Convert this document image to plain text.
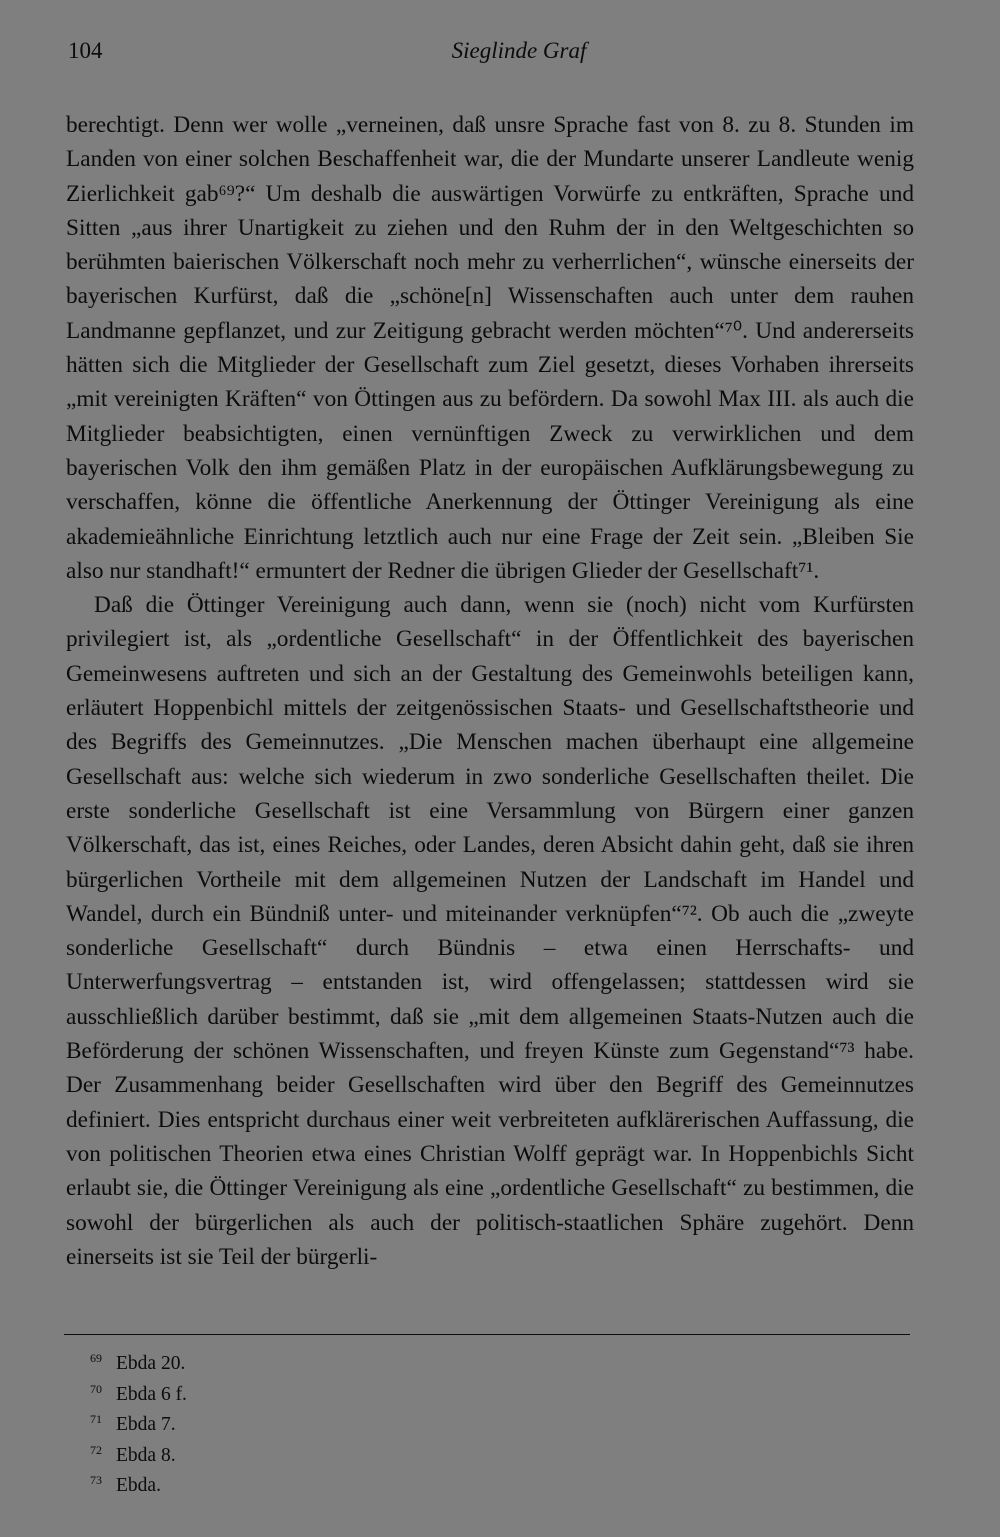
104	Sieglinde Graf

berechtigt. Denn wer wolle „verneinen, daß unsre Sprache fast von 8. zu 8. Stunden im Landen von einer solchen Beschaffenheit war, die der Mundarte unserer Landleute wenig Zierlichkeit gab⁶⁹?“ Um deshalb die auswärtigen Vorwürfe zu entkräften, Sprache und Sitten „aus ihrer Unartigkeit zu ziehen und den Ruhm der in den Weltgeschichten so berühmten baierischen Völkerschaft noch mehr zu verherrlichen“, wünsche einerseits der bayerischen Kurfürst, daß die „schöne[n] Wissenschaften auch unter dem rauhen Landmanne gepflanzet, und zur Zeitigung gebracht werden möchten“⁷⁰. Und andererseits hätten sich die Mitglieder der Gesellschaft zum Ziel gesetzt, dieses Vorhaben ihrerseits „mit vereinigten Kräften“ von Öttingen aus zu befördern. Da sowohl Max III. als auch die Mitglieder beabsichtigten, einen vernünftigen Zweck zu verwirklichen und dem bayerischen Volk den ihm gemäßen Platz in der europäischen Aufklärungsbewegung zu verschaffen, könne die öffentliche Anerkennung der Öttinger Vereinigung als eine akademieähnliche Einrichtung letztlich auch nur eine Frage der Zeit sein. „Bleiben Sie also nur standhaft!“ ermuntert der Redner die übrigen Glieder der Gesellschaft⁷¹.

Daß die Öttinger Vereinigung auch dann, wenn sie (noch) nicht vom Kurfürsten privilegiert ist, als „ordentliche Gesellschaft“ in der Öffentlichkeit des bayerischen Gemeinwesens auftreten und sich an der Gestaltung des Gemeinwohls beteiligen kann, erläutert Hoppenbichl mittels der zeitgenössischen Staats- und Gesellschaftstheorie und des Begriffs des Gemeinnutzes. „Die Menschen machen überhaupt eine allgemeine Gesellschaft aus: welche sich wiederum in zwo sonderliche Gesellschaften theilet. Die erste sonderliche Gesellschaft ist eine Versammlung von Bürgern einer ganzen Völkerschaft, das ist, eines Reiches, oder Landes, deren Absicht dahin geht, daß sie ihren bürgerlichen Vortheile mit dem allgemeinen Nutzen der Landschaft im Handel und Wandel, durch ein Bündniß unter- und miteinander verknüpfen“⁷². Ob auch die „zweyte sonderliche Gesellschaft“ durch Bündnis – etwa einen Herrschafts- und Unterwerfungsvertrag – entstanden ist, wird offengelassen; stattdessen wird sie ausschließlich darüber bestimmt, daß sie „mit dem allgemeinen Staats-Nutzen auch die Beförderung der schönen Wissenschaften, und freyen Künste zum Gegenstand“⁷³ habe. Der Zusammenhang beider Gesellschaften wird über den Begriff des Gemeinnutzes definiert. Dies entspricht durchaus einer weit verbreiteten aufklärerischen Auffassung, die von politischen Theorien etwa eines Christian Wolff geprägt war. In Hoppenbichls Sicht erlaubt sie, die Öttinger Vereinigung als eine „ordentliche Gesellschaft“ zu bestimmen, die sowohl der bürgerlichen als auch der politisch-staatlichen Sphäre zugehört. Denn einerseits ist sie Teil der bürgerli-

69 Ebda 20.
70 Ebda 6 f.
71 Ebda 7.
72 Ebda 8.
73 Ebda.
